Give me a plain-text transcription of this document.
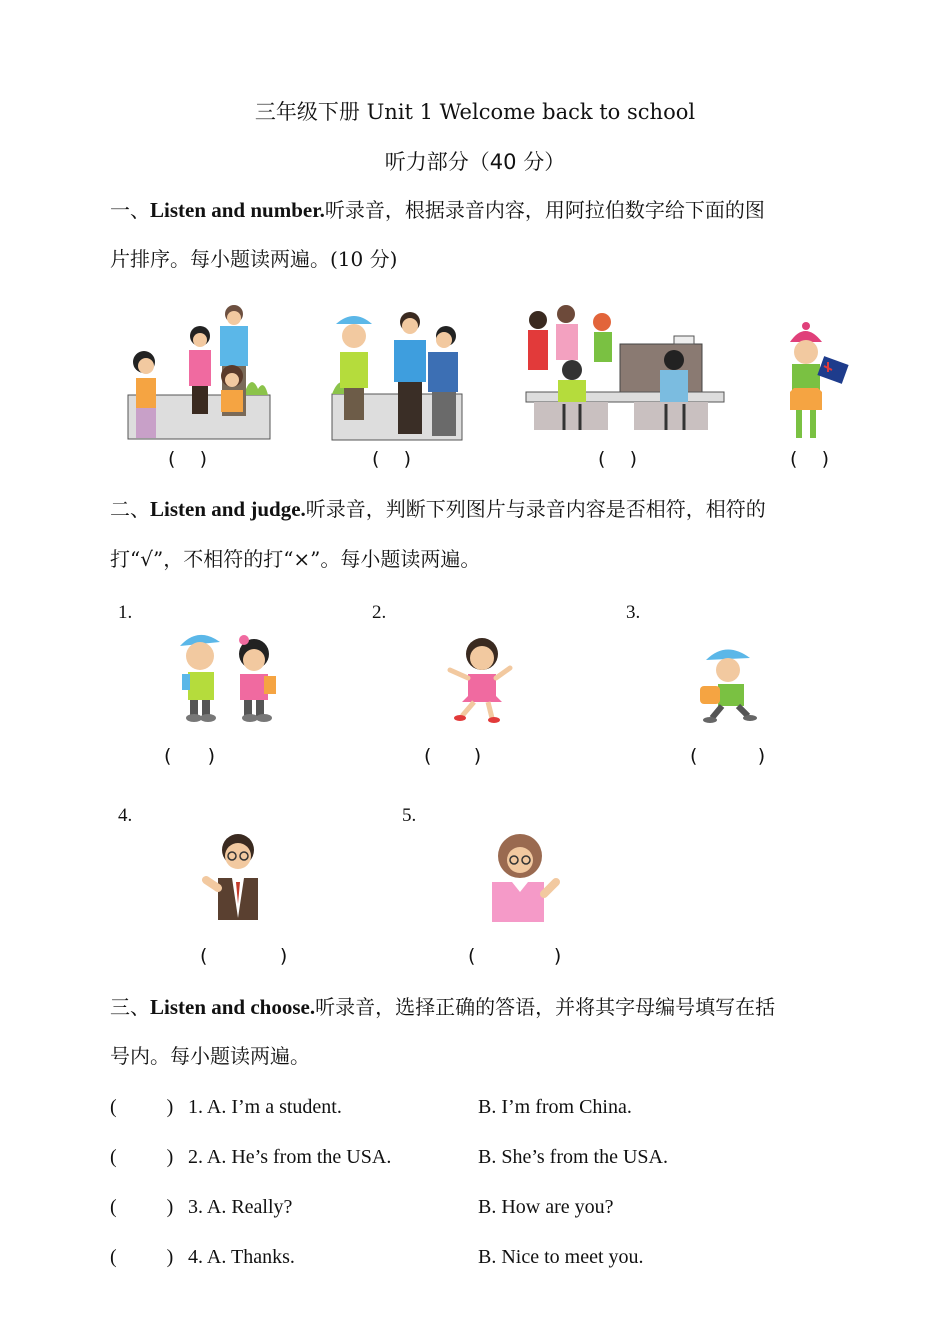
三年级下册 Unit 1 Welcome back to school
听力部分（40 分）
一、Listen and number.听录音，根据录音内容，用阿拉伯数字给下面的图
片排序。每小题读两遍。(10 分)
(    )	(    )	(    )	(    )
二、Listen and judge.听录音，判断下列图片与录音内容是否相符，相符的
打“√”，不相符的打“×”。每小题读两遍。
1.
(      )
2.
(       )
3.
(          )
4.
(            )
5.
(             )
三、Listen and choose.听录音，选择正确的答语，并将其字母编号填写在括
号内。每小题读两遍。
(          ) 1. A. I’m a student.	B. I’m from China.
(          ) 2. A. He’s from the USA.	B. She’s from the USA.
(          ) 3. A. Really?	B. How are you?
(          ) 4. A. Thanks.	B. Nice to meet you.
